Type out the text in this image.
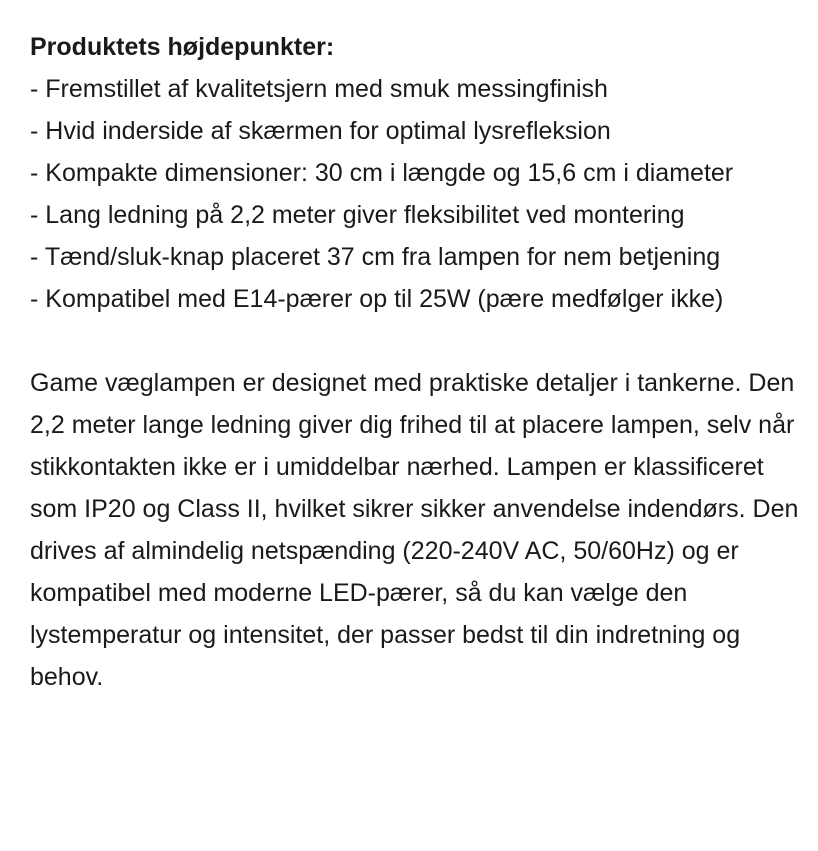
Produktets højdepunkter:
- Fremstillet af kvalitetsjern med smuk messingfinish
- Hvid inderside af skærmen for optimal lysrefleksion
- Kompakte dimensioner: 30 cm i længde og 15,6 cm i diameter
- Lang ledning på 2,2 meter giver fleksibilitet ved montering
- Tænd/sluk-knap placeret 37 cm fra lampen for nem betjening
- Kompatibel med E14-pærer op til 25W (pære medfølger ikke)

Game væglampen er designet med praktiske detaljer i tankerne. Den 2,2 meter lange ledning giver dig frihed til at placere lampen, selv når stikkontakten ikke er i umiddelbar nærhed. Lampen er klassificeret som IP20 og Class II, hvilket sikrer sikker anvendelse indendørs. Den drives af almindelig netspænding (220-240V AC, 50/60Hz) og er kompatibel med moderne LED-pærer, så du kan vælge den lystemperatur og intensitet, der passer bedst til din indretning og behov.
